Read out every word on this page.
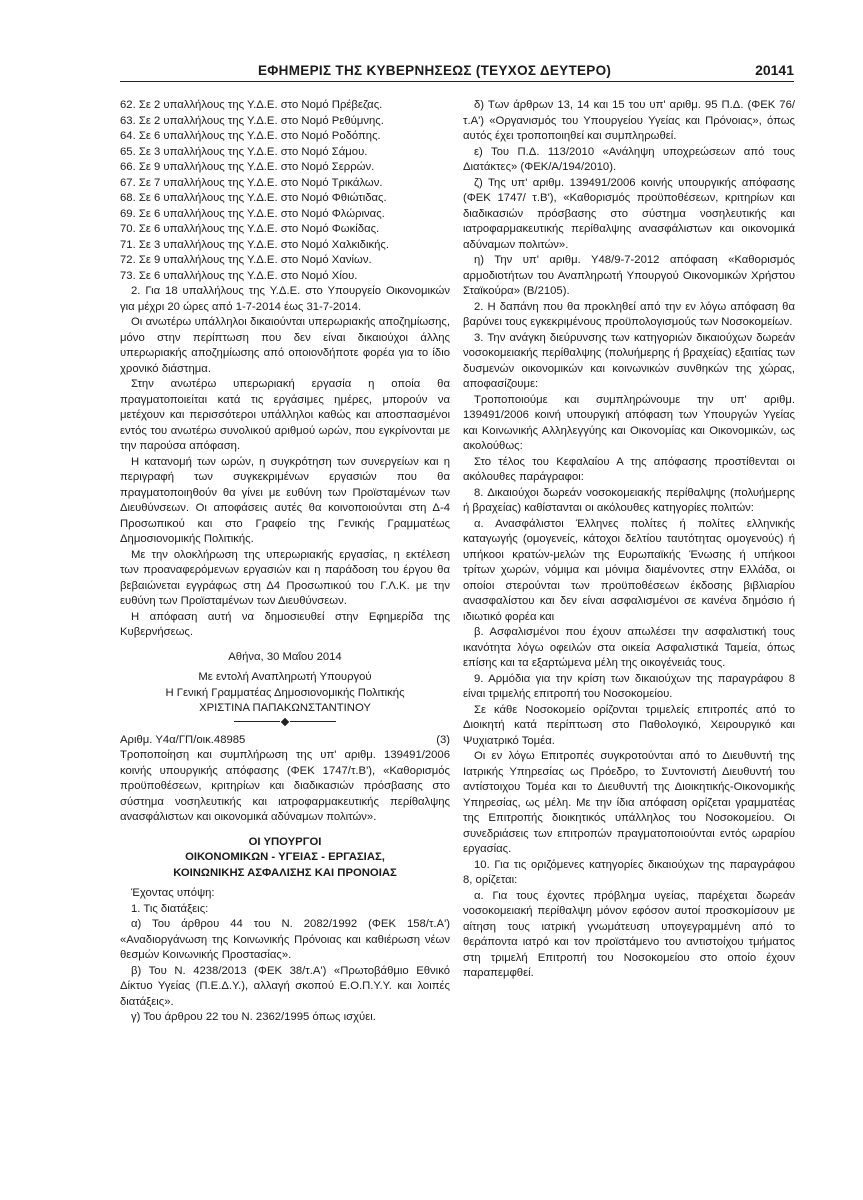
ΕΦΗΜΕΡΙΣ ΤΗΣ ΚΥΒΕΡΝΗΣΕΩΣ (ΤΕΥΧΟΣ ΔΕΥΤΕΡΟ)	20141

62. Σε 2 υπαλλήλους της Υ.Δ.Ε. στο Νομό Πρέβεζας.

63. Σε 2 υπαλλήλους της Υ.Δ.Ε. στο Νομό Ρεθύμνης.

64. Σε 6 υπαλλήλους της Υ.Δ.Ε. στο Νομό Ροδόπης.

65. Σε 3 υπαλλήλους της Υ.Δ.Ε. στο Νομό Σάμου.

66. Σε 9 υπαλλήλους της Υ.Δ.Ε. στο Νομό Σερρών.

67. Σε 7 υπαλλήλους της Υ.Δ.Ε. στο Νομό Τρικάλων.

68. Σε 6 υπαλλήλους της Υ.Δ.Ε. στο Νομό Φθιώτιδας.

69. Σε 6 υπαλλήλους της Υ.Δ.Ε. στο Νομό Φλώρινας.

70. Σε 6 υπαλλήλους της Υ.Δ.Ε. στο Νομό Φωκίδας.

71. Σε 3 υπαλλήλους της Υ.Δ.Ε. στο Νομό Χαλκιδικής.

72. Σε 9 υπαλλήλους της Υ.Δ.Ε. στο Νομό Χανίων.

73. Σε 6 υπαλλήλους της Υ.Δ.Ε. στο Νομό Χίου.

2. Για 18 υπαλλήλους της Υ.Δ.Ε. στο Υπουργείο Οικονομικών για μέχρι 20 ώρες από 1-7-2014 έως 31-7-2014.

Οι ανωτέρω υπάλληλοι δικαιούνται υπερωριακής αποζημίωσης, μόνο στην περίπτωση που δεν είναι δικαιούχοι άλλης υπερωριακής αποζημίωσης από οποιονδήποτε φορέα για το ίδιο χρονικό διάστημα.

Στην ανωτέρω υπερωριακή εργασία η οποία θα πραγματοποιείται κατά τις εργάσιμες ημέρες, μπορούν να μετέχουν και περισσότεροι υπάλληλοι καθώς και αποσπασμένοι εντός του ανωτέρω συνολικού αριθμού ωρών, που εγκρίνονται με την παρούσα απόφαση.

Η κατανομή των ωρών, η συγκρότηση των συνεργείων και η περιγραφή των συγκεκριμένων εργασιών που θα πραγματοποιηθούν θα γίνει με ευθύνη των Προϊσταμένων των Διευθύνσεων. Οι αποφάσεις αυτές θα κοινοποιούνται στη Δ-4 Προσωπικού και στο Γραφείο της Γενικής Γραμματέως Δημοσιονομικής Πολιτικής.

Με την ολοκλήρωση της υπερωριακής εργασίας, η εκτέλεση των προαναφερόμενων εργασιών και η παράδοση του έργου θα βεβαιώνεται εγγράφως στη Δ4 Προσωπικού του Γ.Λ.Κ. με την ευθύνη των Προϊσταμένων των Διευθύνσεων.

Η απόφαση αυτή να δημοσιευθεί στην Εφημερίδα της Κυβερνήσεως.

Αθήνα, 30 Μαΐου 2014

Με εντολή Αναπληρωτή Υπουργού

Η Γενική Γραμματέας Δημοσιονομικής Πολιτικής

ΧΡΙΣΤΙΝΑ ΠΑΠΑΚΩΝΣΤΑΝΤΙΝΟΥ

Αριθμ. Υ4α/ΓΠ/οικ.48985	(3)

Τροποποίηση και συμπλήρωση της υπ' αριθμ. 139491/2006 κοινής υπουργικής απόφασης (ΦΕΚ 1747/τ.Β'), «Καθορισμός προϋποθέσεων, κριτηρίων και διαδικασιών πρόσβασης στο σύστημα νοσηλευτικής και ιατροφαρμακευτικής περίθαλψης ανασφάλιστων και οικονομικά αδύναμων πολιτών».

ΟΙ ΥΠΟΥΡΓΟΙ

ΟΙΚΟΝΟΜΙΚΩΝ - ΥΓΕΙΑΣ - ΕΡΓΑΣΙΑΣ,

ΚΟΙΝΩΝΙΚΗΣ ΑΣΦΑΛΙΣΗΣ ΚΑΙ ΠΡΟΝΟΙΑΣ

Έχοντας υπόψη:

1. Τις διατάξεις:

α) Του άρθρου 44 του Ν. 2082/1992 (ΦΕΚ 158/τ.Α') «Αναδιοργάνωση της Κοινωνικής Πρόνοιας και καθιέρωση νέων θεσμών Κοινωνικής Προστασίας».

β) Του Ν. 4238/2013 (ΦΕΚ 38/τ.Α') «Πρωτοβάθμιο Εθνικό Δίκτυο Υγείας (Π.Ε.Δ.Υ.), αλλαγή σκοπού Ε.Ο.Π.Υ.Υ. και λοιπές διατάξεις».

γ) Του άρθρου 22 του Ν. 2362/1995 όπως ισχύει.

δ) Των άρθρων 13, 14 και 15 του υπ' αριθμ. 95 Π.Δ. (ΦΕΚ 76/τ.Α') «Οργανισμός του Υπουργείου Υγείας και Πρόνοιας», όπως αυτός έχει τροποποιηθεί και συμπληρωθεί.

ε) Του Π.Δ. 113/2010 «Ανάληψη υποχρεώσεων από τους Διατάκτες» (ΦΕΚ/Α/194/2010).

ζ) Της υπ' αριθμ. 139491/2006 κοινής υπουργικής απόφασης (ΦΕΚ 1747/ τ.Β'), «Καθορισμός προϋποθέσεων, κριτηρίων και διαδικασιών πρόσβασης στο σύστημα νοσηλευτικής και ιατροφαρμακευτικής περίθαλψης ανασφάλιστων και οικονομικά αδύναμων πολιτών».

η) Την υπ' αριθμ. Υ48/9-7-2012 απόφαση «Καθορισμός αρμοδιοτήτων του Αναπληρωτή Υπουργού Οικονομικών Χρήστου Σταϊκούρα» (Β/2105).

2. Η δαπάνη που θα προκληθεί από την εν λόγω απόφαση θα βαρύνει τους εγκεκριμένους προϋπολογισμούς των Νοσοκομείων.

3. Την ανάγκη διεύρυνσης των κατηγοριών δικαιούχων δωρεάν νοσοκομειακής περίθαλψης (πολυήμερης ή βραχείας) εξαιτίας των δυσμενών οικονομικών και κοινωνικών συνθηκών της χώρας, αποφασίζουμε:

Τροποποιούμε και συμπληρώνουμε την υπ' αριθμ. 139491/2006 κοινή υπουργική απόφαση των Υπουργών Υγείας και Κοινωνικής Αλληλεγγύης και Οικονομίας και Οικονομικών, ως ακολούθως:

Στο τέλος του Κεφαλαίου Α της απόφασης προστίθενται οι ακόλουθες παράγραφοι:

8. Δικαιούχοι δωρεάν νοσοκομειακής περίθαλψης (πολυήμερης ή βραχείας) καθίστανται οι ακόλουθες κατηγορίες πολιτών:

α. Ανασφάλιστοι Έλληνες πολίτες ή πολίτες ελληνικής καταγωγής (ομογενείς, κάτοχοι δελτίου ταυτότητας ομογενούς) ή υπήκοοι κρατών-μελών της Ευρωπαϊκής Ένωσης ή υπήκοοι τρίτων χωρών, νόμιμα και μόνιμα διαμένοντες στην Ελλάδα, οι οποίοι στερούνται των προϋποθέσεων έκδοσης βιβλιαρίου ανασφαλίστου και δεν είναι ασφαλισμένοι σε κανένα δημόσιο ή ιδιωτικό φορέα και

β. Ασφαλισμένοι που έχουν απωλέσει την ασφαλιστική τους ικανότητα λόγω οφειλών στα οικεία Ασφαλιστικά Ταμεία, όπως επίσης και τα εξαρτώμενα μέλη της οικογένειάς τους.

9. Αρμόδια για την κρίση των δικαιούχων της παραγράφου 8 είναι τριμελής επιτροπή του Νοσοκομείου.

Σε κάθε Νοσοκομείο ορίζονται τριμελείς επιτροπές από το Διοικητή κατά περίπτωση στο Παθολογικό, Χειρουργικό και Ψυχιατρικό Τομέα.

Οι εν λόγω Επιτροπές συγκροτούνται από το Διευθυντή της Ιατρικής Υπηρεσίας ως Πρόεδρο, το Συντονιστή Διευθυντή του αντίστοιχου Τομέα και το Διευθυντή της Διοικητικής-Οικονομικής Υπηρεσίας, ως μέλη. Με την ίδια απόφαση ορίζεται γραμματέας της Επιτροπής διοικητικός υπάλληλος του Νοσοκομείου. Οι συνεδριάσεις των επιτροπών πραγματοποιούνται εντός ωραρίου εργασίας.

10. Για τις οριζόμενες κατηγορίες δικαιούχων της παραγράφου 8, ορίζεται:

α. Για τους έχοντες πρόβλημα υγείας, παρέχεται δωρεάν νοσοκομειακή περίθαλψη μόνον εφόσον αυτοί προσκομίσουν με αίτηση τους ιατρική γνωμάτευση υπογεγραμμένη από το θεράποντα ιατρό και τον προϊστάμενο του αντιστοίχου τμήματος στη τριμελή Επιτροπή του Νοσοκομείου στο οποίο έχουν παραπεμφθεί.
